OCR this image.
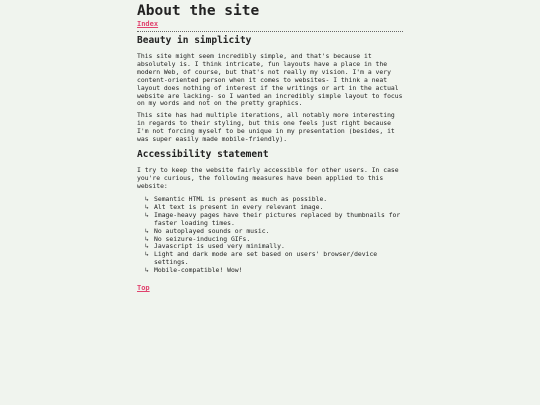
About the site
Index
Beauty in simplicity

This site might seem incredibly simple, and that's because it absolutely is. I think intricate, fun layouts have a place in the modern Web, of course, but that's not really my vision. I'm a very content-oriented person when it comes to websites- I think a neat layout does nothing of interest if the writings or art in the actual website are lacking- so I wanted an incredibly simple layout to focus on my words and not on the pretty graphics.

This site has had multiple iterations, all notably more interesting in regards to their styling, but this one feels just right because I'm not forcing myself to be unique in my presentation (besides, it was super easily made mobile-friendly).

Accessibility statement

I try to keep the website fairly accessible for other users. In case you're curious, the following measures have been applied to this website:

↳ Semantic HTML is present as much as possible.
↳ Alt text is present in every relevant image.
↳ Image-heavy pages have their pictures replaced by thumbnails for faster loading times.
↳ No autoplayed sounds or music.
↳ No seizure-inducing GIFs.
↳ Javascript is used very minimally.
↳ Light and dark mode are set based on users' browser/device settings.
↳ Mobile-compatible! Wow!
Top
